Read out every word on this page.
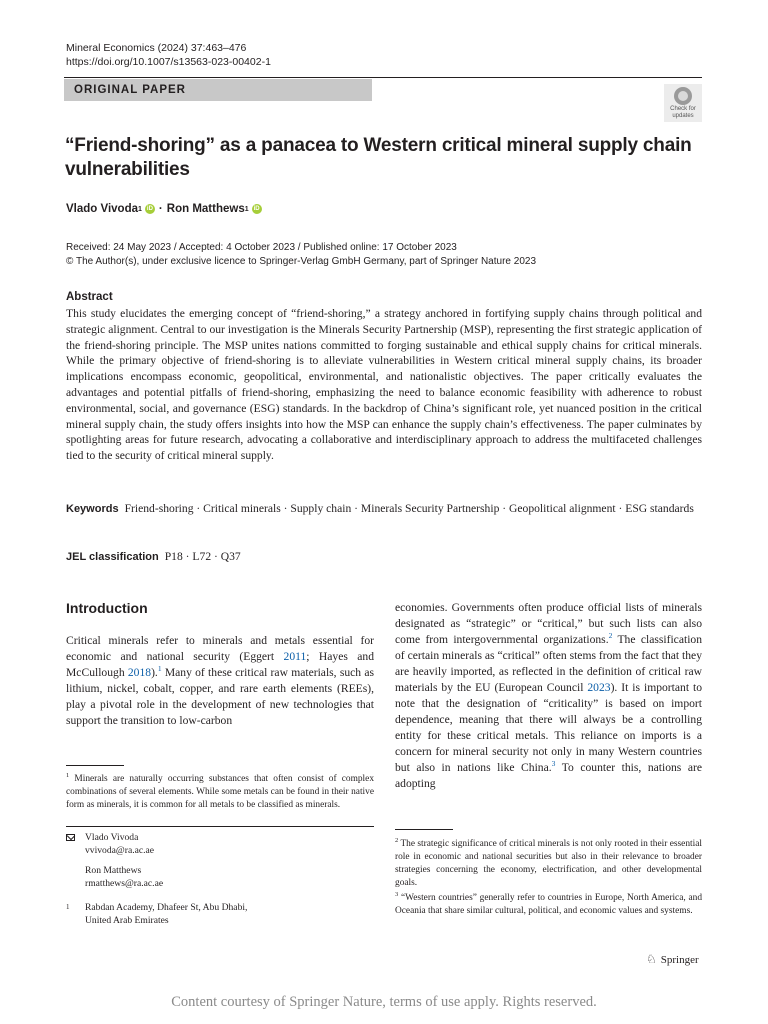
Mineral Economics (2024) 37:463–476
https://doi.org/10.1007/s13563-023-00402-1
ORIGINAL PAPER
Check for
updates
“Friend-shoring” as a panacea to Western critical mineral supply chain vulnerabilities
Vlado Vivoda 1 iD · Ron Matthews 1 iD
Received: 24 May 2023 / Accepted: 4 October 2023 / Published online: 17 October 2023
© The Author(s), under exclusive licence to Springer-Verlag GmbH Germany, part of Springer Nature 2023
Abstract
This study elucidates the emerging concept of “friend-shoring,” a strategy anchored in fortifying supply chains through political and strategic alignment. Central to our investigation is the Minerals Security Partnership (MSP), representing the first strategic application of the friend-shoring principle. The MSP unites nations committed to forging sustainable and ethical supply chains for critical minerals. While the primary objective of friend-shoring is to alleviate vulnerabilities in Western critical mineral supply chains, its broader implications encompass economic, geopolitical, environmental, and nationalistic objectives. The paper critically evaluates the advantages and potential pitfalls of friend-shoring, emphasizing the need to balance economic feasibility with adherence to robust environmental, social, and governance (ESG) standards. In the backdrop of China’s significant role, yet nuanced position in the critical mineral supply chain, the study offers insights into how the MSP can enhance the supply chain’s effectiveness. The paper culminates by spotlighting areas for future research, advocating a collaborative and interdisciplinary approach to address the multifaceted challenges tied to the security of critical mineral supply.
Keywords Friend-shoring · Critical minerals · Supply chain · Minerals Security Partnership · Geopolitical alignment · ESG standards
JEL classification P18 · L72 · Q37
Introduction
Critical minerals refer to minerals and metals essential for economic and national security (Eggert 2011; Hayes and McCullough 2018).$^1$ Many of these critical raw materials, such as lithium, nickel, cobalt, copper, and rare earth elements (REEs), play a pivotal role in the development of new technologies that support the transition to low-carbon
economies. Governments often produce official lists of minerals designated as “strategic” or “critical,” but such lists can also come from intergovernmental organizations.$^2$ The classification of certain minerals as “critical” often stems from the fact that they are heavily imported, as reflected in the definition of critical raw materials by the EU (European Council 2023). It is important to note that the designation of “criticality” is based on import dependence, meaning that there will always be a controlling entity for these critical metals. This reliance on imports is a concern for mineral security not only in many Western countries but also in nations like China.$^3$ To counter this, nations are adopting
$^1$ Minerals are naturally occurring substances that often consist of complex combinations of several elements. While some metals can be found in their native form as minerals, it is common for all metals to be classified as minerals.
Vlado Vivoda
vvivoda@ra.ac.ae
Ron Matthews
rmatthews@ra.ac.ae
1	Rabdan Academy, Dhafeer St, Abu Dhabi,
United Arab Emirates
$^2$ The strategic significance of critical minerals is not only rooted in their essential role in economic and national securities but also in their relevance to broader strategies concerning the economy, electrification, and other developmental goals.
$^3$ “Western countries” generally refer to countries in Europe, North America, and Oceania that share similar cultural, political, and economic values and systems.
♘ Springer
Content courtesy of Springer Nature, terms of use apply. Rights reserved.
